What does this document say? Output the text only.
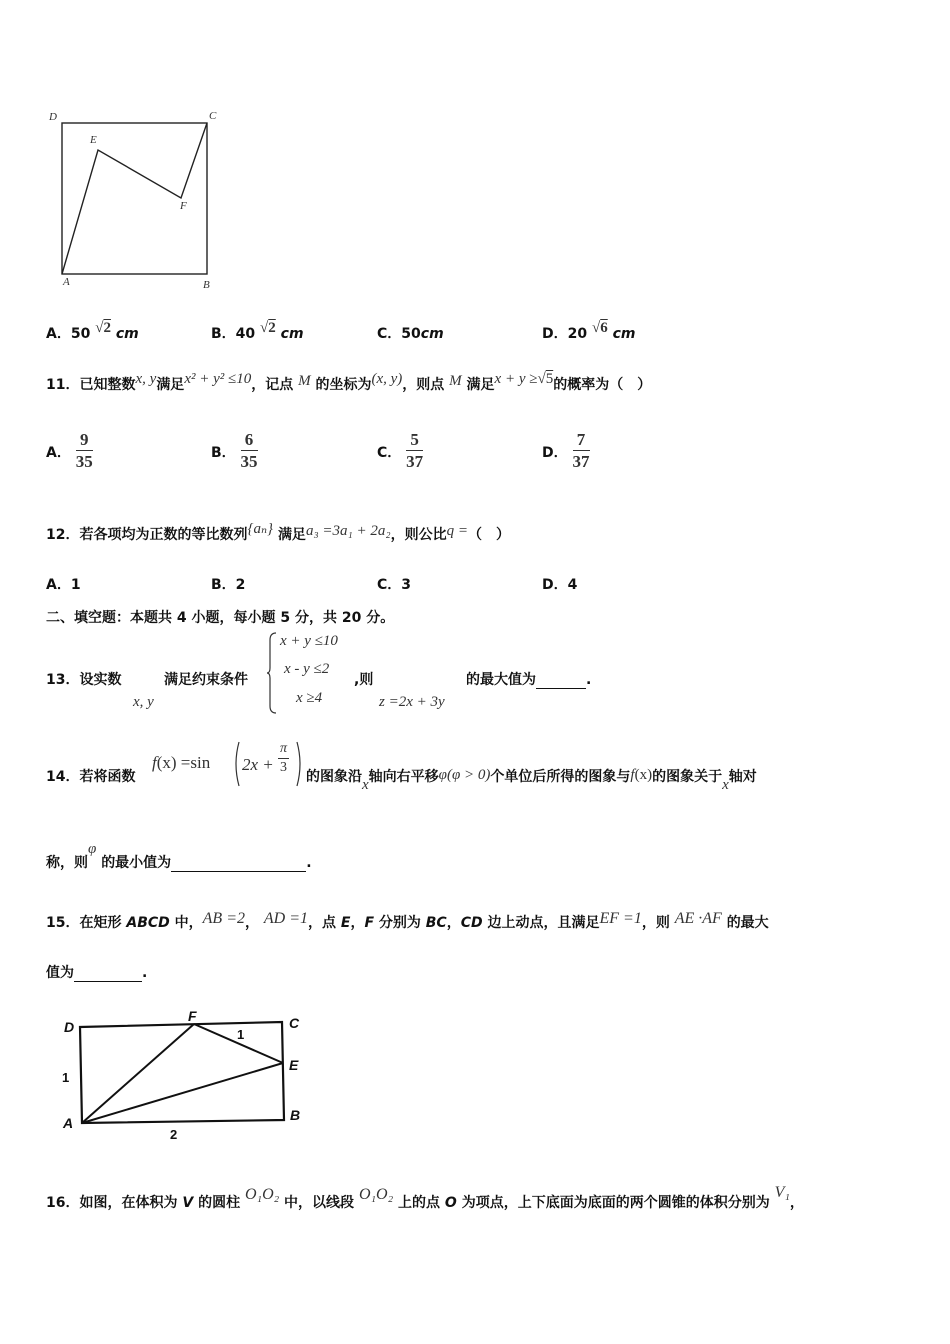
D	C
E
F
A	B
A．50 √2 cm	B．40 √2 cm	C．50cm	D．20 √6 cm
11．已知整数x, y满足x² + y² ≤10，记点 M 的坐标为(x, y)，则点 M 满足x + y ≥√5的概率为（　）
A． $\frac{9}{35}$	B． $\frac{6}{35}$	C． $\frac{5}{37}$	D． $\frac{7}{37}$
12．若各项均为正数的等比数列{aₙ} 满足a₃ =3a₁ + 2a₂，则公比q =（　）
A．1	B．2	C．3	D．4
二、填空题：本题共 4 小题，每小题 5 分，共 20 分。
13．设实数
x, y
满足约束条件
x + y ≤10
x - y ≤2
x ≥4
,则
z =2x + 3y
的最大值为	.
14．若将函数
f(x) =sin $2x + \frac{\pi}{3}$ 的图象沿x轴向右平移φ(φ > 0)个单位后所得的图象与f(x)的图象关于x轴对
称，则φ 的最小值为	.
15．在矩形 ABCD 中，AB =2， AD =1，点 E，F 分别为 BC，CD 边上动点，且满足EF =1，则 AE ·AF 的最大
值为	.
D
F	C
E
A	B
1
1
2
16．如图，在体积为 V 的圆柱 O₁O₂ 中，以线段 O₁O₂ 上的点 O 为项点，上下底面为底面的两个圆锥的体积分别为 V₁，
